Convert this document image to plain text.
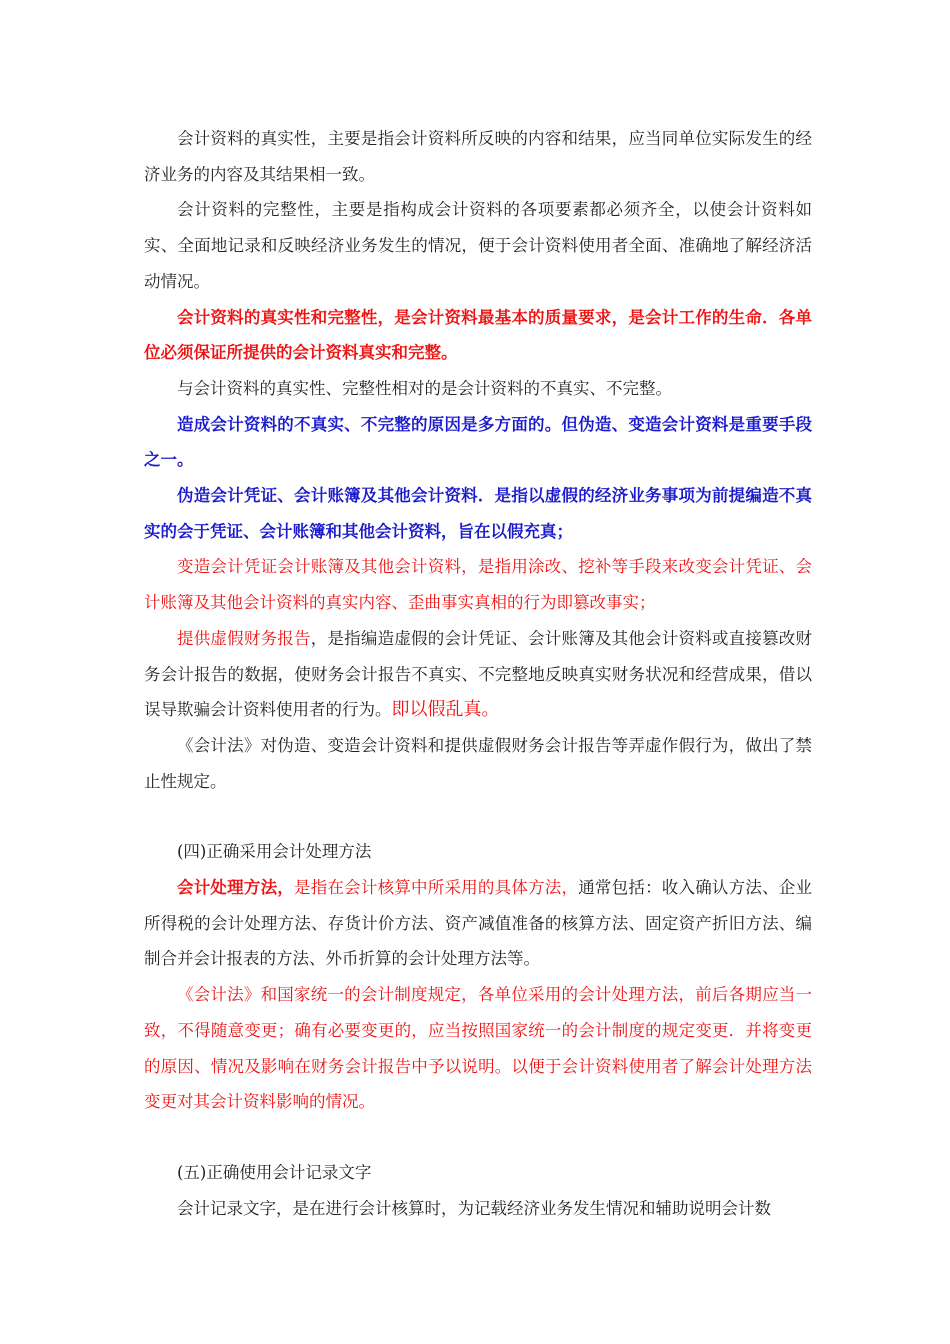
会计资料的真实性，主要是指会计资料所反映的内容和结果，应当同单位实际发生的经济业务的内容及其结果相一致。

会计资料的完整性，主要是指构成会计资料的各项要素都必须齐全，以使会计资料如实、全面地记录和反映经济业务发生的情况，便于会计资料使用者全面、准确地了解经济活动情况。

会计资料的真实性和完整性，是会计资料最基本的质量要求，是会计工作的生命．各单位必须保证所提供的会计资料真实和完整。

与会计资料的真实性、完整性相对的是会计资料的不真实、不完整。

造成会计资料的不真实、不完整的原因是多方面的。但伪造、变造会计资料是重要手段之一。

伪造会计凭证、会计账簿及其他会计资料．是指以虚假的经济业务事项为前提编造不真实的会于凭证、会计账簿和其他会计资料，旨在以假充真；

变造会计凭证会计账簿及其他会计资料，是指用涂改、挖补等手段来改变会计凭证、会计账簿及其他会计资料的真实内容、歪曲事实真相的行为即篡改事实；

提供虚假财务报告，是指编造虚假的会计凭证、会计账簿及其他会计资料或直接篡改财务会计报告的数据，使财务会计报告不真实、不完整地反映真实财务状况和经营成果，借以误导欺骗会计资料使用者的行为。即以假乱真。

《会计法》对伪造、变造会计资料和提供虚假财务会计报告等弄虚作假行为，做出了禁止性规定。

(四)正确采用会计处理方法

会计处理方法，是指在会计核算中所采用的具体方法，通常包括：收入确认方法、企业所得税的会计处理方法、存货计价方法、资产减值准备的核算方法、固定资产折旧方法、编制合并会计报表的方法、外币折算的会计处理方法等。

《会计法》和国家统一的会计制度规定，各单位采用的会计处理方法，前后各期应当一致，不得随意变更；确有必要变更的，应当按照国家统一的会计制度的规定变更．并将变更的原因、情况及影响在财务会计报告中予以说明。以便于会计资料使用者了解会计处理方法变更对其会计资料影响的情况。

(五)正确使用会计记录文字

会计记录文字，是在进行会计核算时，为记载经济业务发生情况和辅助说明会计数
